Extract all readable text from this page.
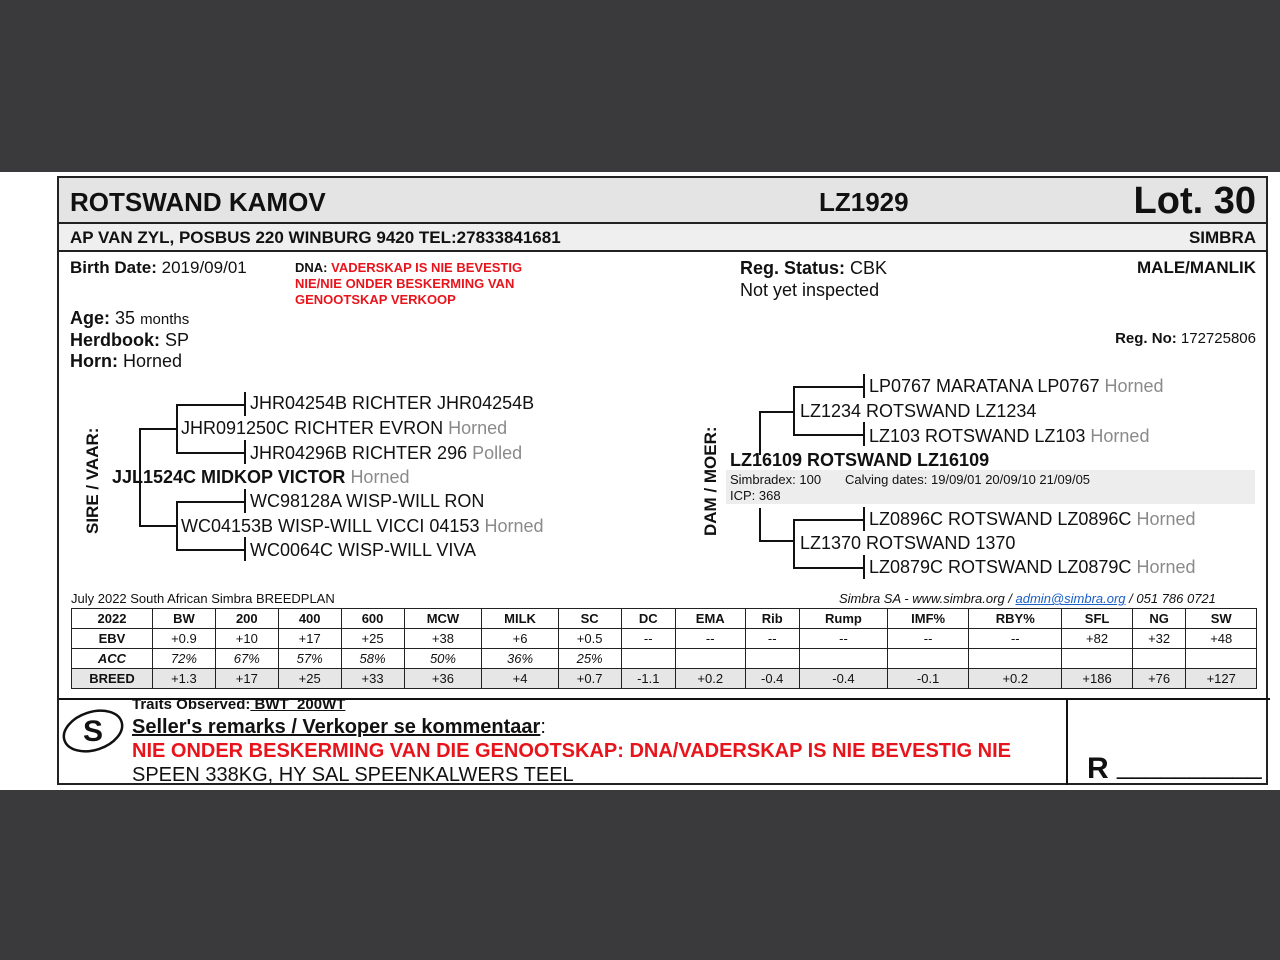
ROTSWAND KAMOV	LZ1929	Lot. 30
AP VAN ZYL, POSBUS 220 WINBURG 9420 TEL:27833841681	SIMBRA
Birth Date: 2019/09/01	DNA: VADERSKAP IS NIE BEVESTIG
NIE/NIE ONDER BESKERMING VAN
GENOOTSKAP VERKOOP
Reg. Status: CBK
Not yet inspected
MALE/MANLIK
Age: 35 months
Herdbook: SP
Horn: Horned
Reg. No: 172725806
SIRE / VAAR:	DAM / MOER:
JHR04254B RICHTER JHR04254B
JHR091250C RICHTER EVRON Horned
JHR04296B RICHTER 296 Polled
JJL1524C MIDKOP VICTOR Horned
WC98128A WISP-WILL RON
WC04153B WISP-WILL VICCI 04153 Horned
WC0064C WISP-WILL VIVA
LP0767 MARATANA LP0767 Horned
LZ1234 ROTSWAND LZ1234
LZ103 ROTSWAND LZ103 Horned
LZ16109 ROTSWAND LZ16109
Simbradex: 100 Calving dates: 19/09/01 20/09/10 21/09/05
ICP: 368
LZ0896C ROTSWAND LZ0896C Horned
LZ1370 ROTSWAND 1370
LZ0879C ROTSWAND LZ0879C Horned
July 2022 South African Simbra BREEDPLAN	Simbra SA - www.simbra.org / admin@simbra.org / 051 786 0721
2022	BW	200	400	600	MCW	MILK	SC	DC	EMA	Rib	Rump	IMF%	RBY%	SFL	NG	SW
EBV	+0.9	+10	+17	+25	+38	+6	+0.5	--	--	--	--	--	--	+82	+32	+48
ACC	72%	67%	57%	58%	50%	36%	25%									
BREED	+1.3	+17	+25	+33	+36	+4	+0.7	-1.1	+0.2	-0.4	-0.4	-0.1	+0.2	+186	+76	+127
S
Traits Observed: BWT  200WT
Seller's remarks / Verkoper se kommentaar:
NIE ONDER BESKERMING VAN DIE GENOOTSKAP: DNA/VADERSKAP IS NIE BEVESTIG NIE
SPEEN 338KG, HY SAL SPEENKALWERS TEEL	R __________
